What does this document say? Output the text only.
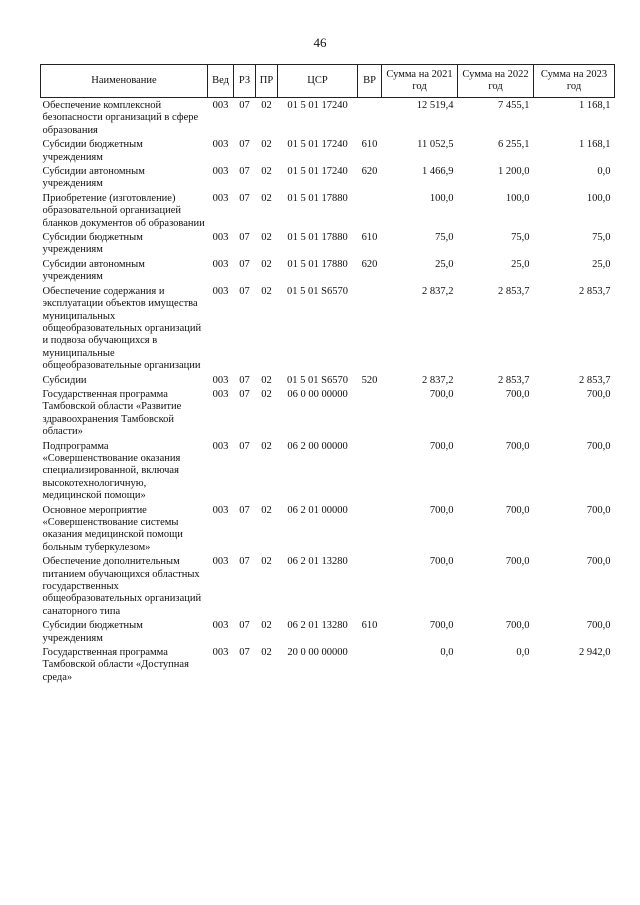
46
Наименование	Вед	РЗ	ПР	ЦСР	ВР	Сумма на 2021 год	Сумма на 2022 год	Сумма на 2023 год
Обеспечение комплексной безопасности организаций в сфере образования	003	07	02	01 5 01 17240		12 519,4	7 455,1	1 168,1
Субсидии бюджетным учреждениям	003	07	02	01 5 01 17240	610	11 052,5	6 255,1	1 168,1
Субсидии автономным учреждениям	003	07	02	01 5 01 17240	620	1 466,9	1 200,0	0,0
Приобретение (изготовление) образовательной организацией бланков документов об образовании	003	07	02	01 5 01 17880		100,0	100,0	100,0
Субсидии бюджетным учреждениям	003	07	02	01 5 01 17880	610	75,0	75,0	75,0
Субсидии автономным учреждениям	003	07	02	01 5 01 17880	620	25,0	25,0	25,0
Обеспечение содержания и эксплуатации объектов имущества муниципальных общеобразовательных организаций и подвоза обучающихся в муниципальные общеобразовательные организации	003	07	02	01 5 01 S6570		2 837,2	2 853,7	2 853,7
Субсидии	003	07	02	01 5 01 S6570	520	2 837,2	2 853,7	2 853,7
Государственная программа Тамбовской области «Развитие здравоохранения Тамбовской области»	003	07	02	06 0 00 00000		700,0	700,0	700,0
Подпрограмма «Совершенствование оказания специализированной, включая высокотехнологичную, медицинской помощи»	003	07	02	06 2 00 00000		700,0	700,0	700,0
Основное мероприятие «Совершенствование системы оказания медицинской помощи больным туберкулезом»	003	07	02	06 2 01 00000		700,0	700,0	700,0
Обеспечение дополнительным питанием обучающихся областных государственных общеобразовательных организаций санаторного типа	003	07	02	06 2 01 13280		700,0	700,0	700,0
Субсидии бюджетным учреждениям	003	07	02	06 2 01 13280	610	700,0	700,0	700,0
Государственная программа Тамбовской области «Доступная среда»	003	07	02	20 0 00 00000		0,0	0,0	2 942,0
